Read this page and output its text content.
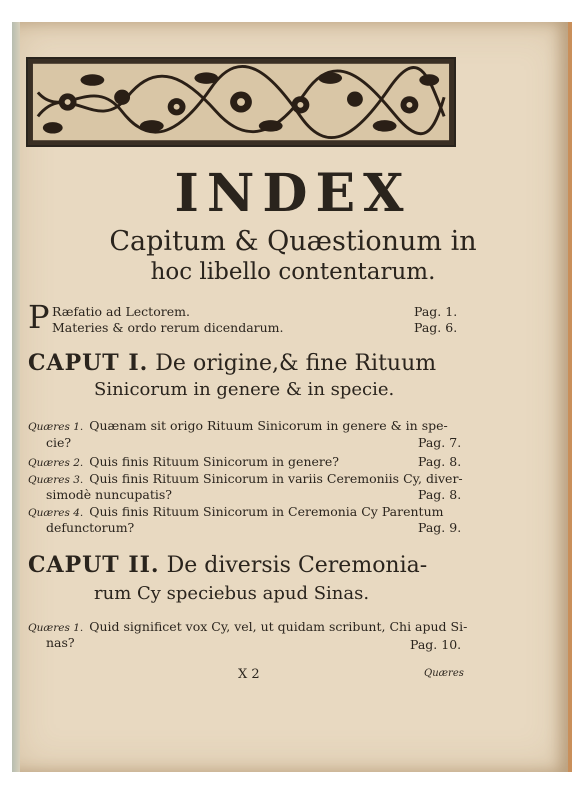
INDEX
Capitum & Quæstionum in
hoc libello contentarum.
P Ræfatio ad Lectorem.	Pag. 1.
Materies & ordo rerum dicendarum.	Pag. 6.
CAPUT I. De origine,& fine Rituum
Sinicorum in genere & in specie.
Quæres 1. Quænam sit origo Rituum Sinicorum in genere & in spe-
cie?	Pag. 7.
Quæres 2. Quis finis Rituum Sinicorum in genere?	Pag. 8.
Quæres 3. Quis finis Rituum Sinicorum in variis Ceremoniis Cy, diver-
simodè nuncupatis?	Pag. 8.
Quæres 4. Quis finis Rituum Sinicorum in Ceremonia Cy Parentum
defunctorum?	Pag. 9.
CAPUT II. De diversis Ceremonia-
rum Cy speciebus apud Sinas.
Quæres 1. Quid significet vox Cy, vel, ut quidam scribunt, Chi apud Si-
nas?	Pag. 10.
X 2	Quæres
